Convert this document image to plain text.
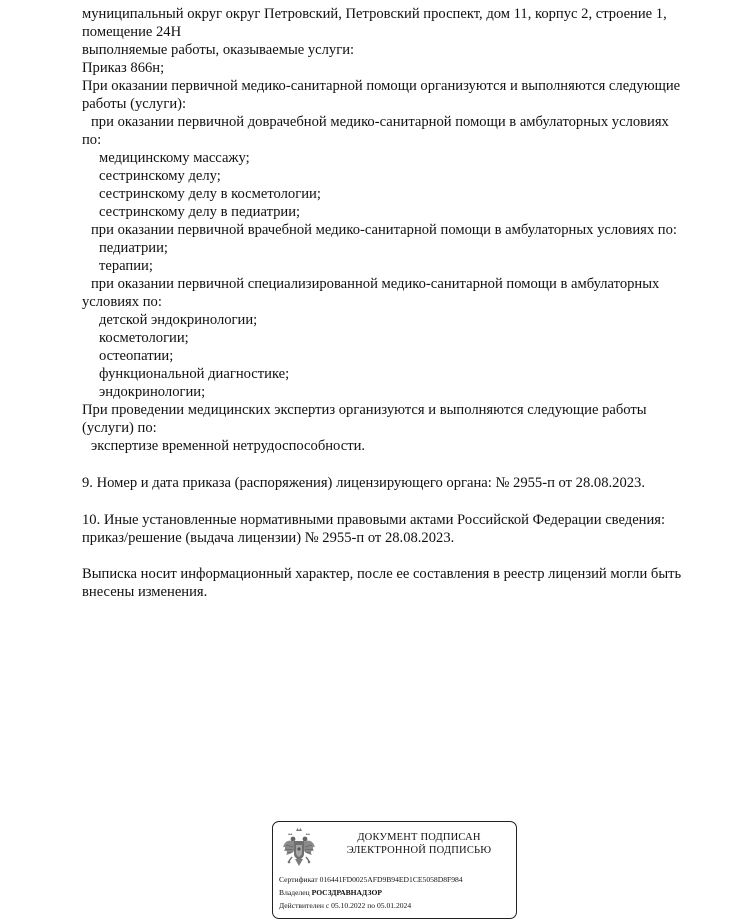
муниципальный округ округ Петровский, Петровский проспект, дом 11, корпус 2, строение 1,
помещение 24Н
выполняемые работы, оказываемые услуги:
Приказ 866н;
При оказании первичной медико-санитарной помощи организуются и выполняются следующие
работы (услуги):
при оказании первичной доврачебной медико-санитарной помощи в амбулаторных условиях
по:
медицинскому массажу;
сестринскому делу;
сестринскому делу в косметологии;
сестринскому делу в педиатрии;
при оказании первичной врачебной медико-санитарной помощи в амбулаторных условиях по:
педиатрии;
терапии;
при оказании первичной специализированной медико-санитарной помощи в амбулаторных
условиях по:
детской эндокринологии;
косметологии;
остеопатии;
функциональной диагностике;
эндокринологии;
При проведении медицинских экспертиз организуются и выполняются следующие работы
(услуги) по:
экспертизе временной нетрудоспособности.
9. Номер и дата приказа (распоряжения) лицензирующего органа: № 2955-п от 28.08.2023.
10. Иные установленные нормативными правовыми актами Российской Федерации сведения:
приказ/решение (выдача лицензии) № 2955-п от 28.08.2023.
Выписка носит информационный характер, после ее составления в реестр лицензий могли быть
внесены изменения.
ДОКУМЕНТ ПОДПИСАН
ЭЛЕКТРОННОЙ ПОДПИСЬЮ
Сертификат 016441FD0025AFD9B94ED1CE5058D8F984
Владелец РОСЗДРАВНАДЗОР
Действителен с 05.10.2022 по 05.01.2024
